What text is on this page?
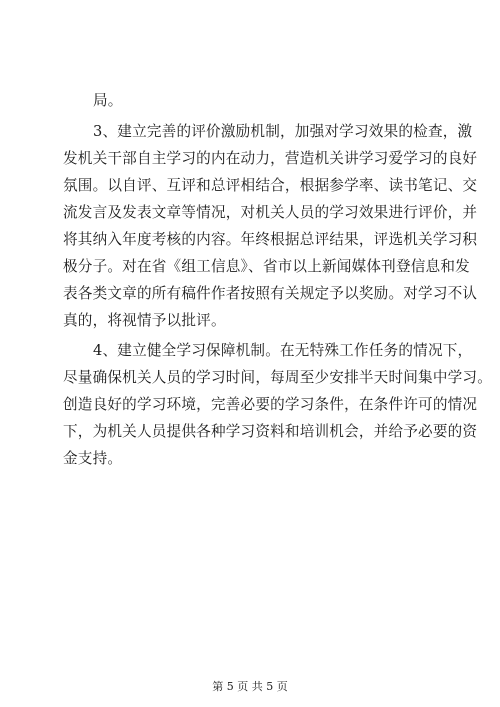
局。
3、建立完善的评价激励机制，加强对学习效果的检查，激
发机关干部自主学习的内在动力，营造机关讲学习爱学习的良好
氛围。以自评、互评和总评相结合，根据参学率、读书笔记、交
流发言及发表文章等情况，对机关人员的学习效果进行评价，并
将其纳入年度考核的内容。年终根据总评结果，评选机关学习积
极分子。对在省《组工信息》、省市以上新闻媒体刊登信息和发
表各类文章的所有稿件作者按照有关规定予以奖励。对学习不认
真的，将视情予以批评。
4、建立健全学习保障机制。在无特殊工作任务的情况下，
尽量确保机关人员的学习时间，每周至少安排半天时间集中学习。
创造良好的学习环境，完善必要的学习条件，在条件许可的情况
下，为机关人员提供各种学习资料和培训机会，并给予必要的资
金支持。
第 5 页 共 5 页
